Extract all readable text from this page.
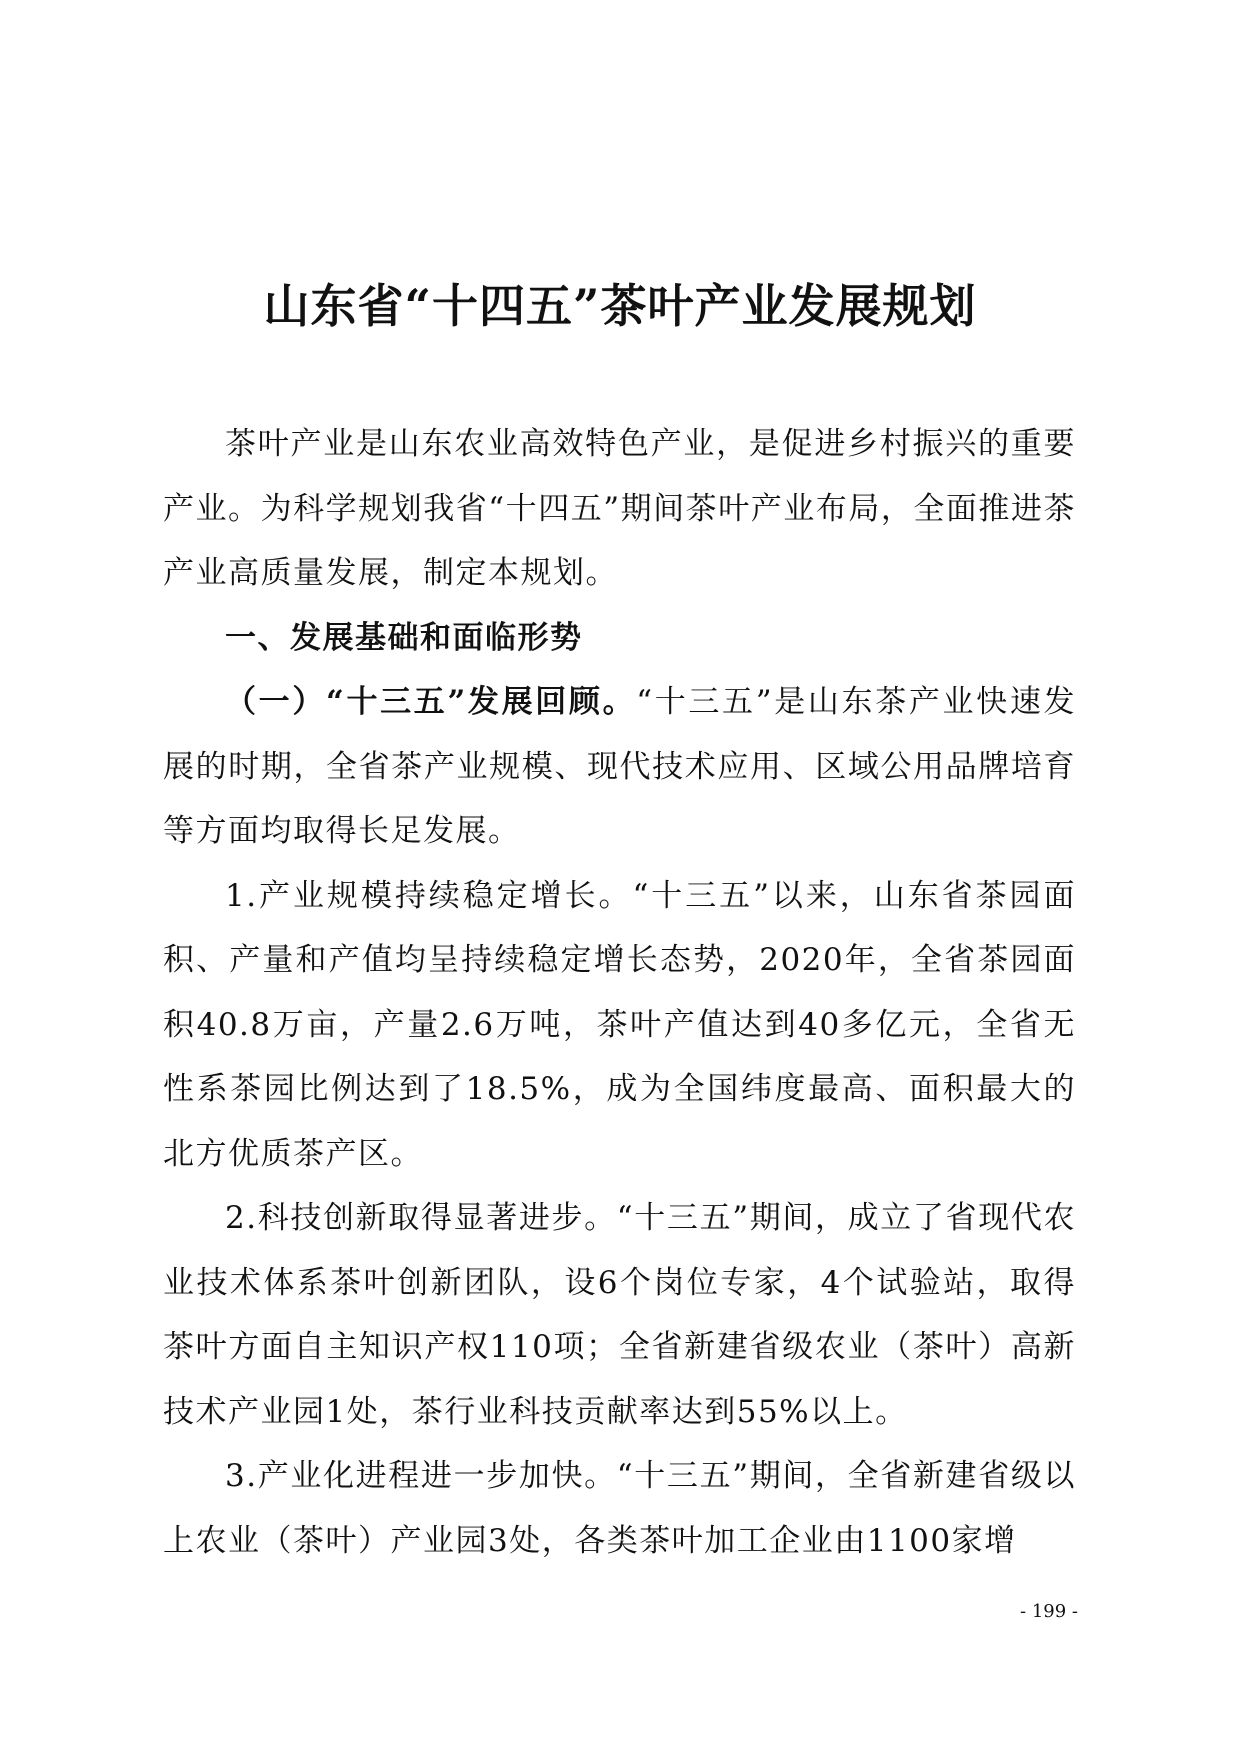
山东省“十四五”茶叶产业发展规划

茶叶产业是山东农业高效特色产业，是促进乡村振兴的重要产业。为科学规划我省“十四五”期间茶叶产业布局，全面推进茶产业高质量发展，制定本规划。

一、发展基础和面临形势

（一）“十三五”发展回顾。“十三五”是山东茶产业快速发展的时期，全省茶产业规模、现代技术应用、区域公用品牌培育等方面均取得长足发展。

1.产业规模持续稳定增长。“十三五”以来，山东省茶园面积、产量和产值均呈持续稳定增长态势，2020年，全省茶园面积40.8万亩，产量2.6万吨，茶叶产值达到40多亿元，全省无性系茶园比例达到了18.5%，成为全国纬度最高、面积最大的北方优质茶产区。

2.科技创新取得显著进步。“十三五”期间，成立了省现代农业技术体系茶叶创新团队，设6个岗位专家，4个试验站，取得茶叶方面自主知识产权110项；全省新建省级农业（茶叶）高新技术产业园1处，茶行业科技贡献率达到55%以上。

3.产业化进程进一步加快。“十三五”期间，全省新建省级以上农业（茶叶）产业园3处，各类茶叶加工企业由1100家增

- 199 -
